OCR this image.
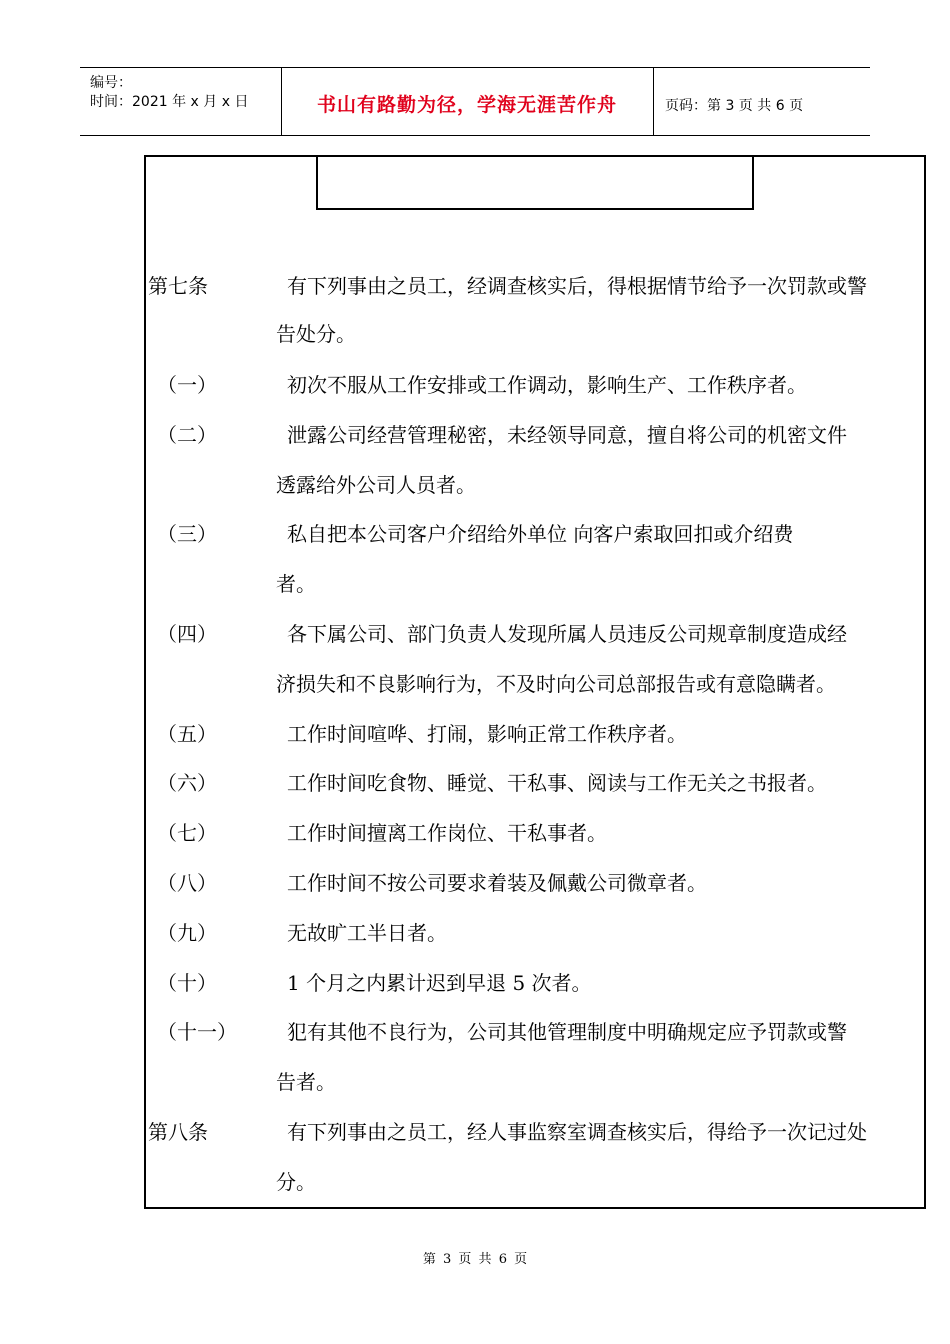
编号：
时间：2021 年 x 月 x 日	书山有路勤为径，学海无涯苦作舟	页码：第 3 页 共 6 页
第七条	有下列事由之员工，经调查核实后，得根据情节给予一次罚款或警
告处分。
（一）	初次不服从工作安排或工作调动，影响生产、工作秩序者。
（二）	泄露公司经营管理秘密，未经领导同意，擅自将公司的机密文件
透露给外公司人员者。
（三）	私自把本公司客户介绍给外单位 向客户索取回扣或介绍费
者。
（四）	各下属公司、部门负责人发现所属人员违反公司规章制度造成经
济损失和不良影响行为，不及时向公司总部报告或有意隐瞒者。
（五）	工作时间喧哗、打闹，影响正常工作秩序者。
（六）	工作时间吃食物、睡觉、干私事、阅读与工作无关之书报者。
（七）	工作时间擅离工作岗位、干私事者。
（八）	工作时间不按公司要求着装及佩戴公司微章者。
（九）	无故旷工半日者。
（十）	1 个月之内累计迟到早退 5 次者。
（十一）	犯有其他不良行为，公司其他管理制度中明确规定应予罚款或警
告者。
第八条	有下列事由之员工，经人事监察室调查核实后，得给予一次记过处
分。
第 3 页 共 6 页
